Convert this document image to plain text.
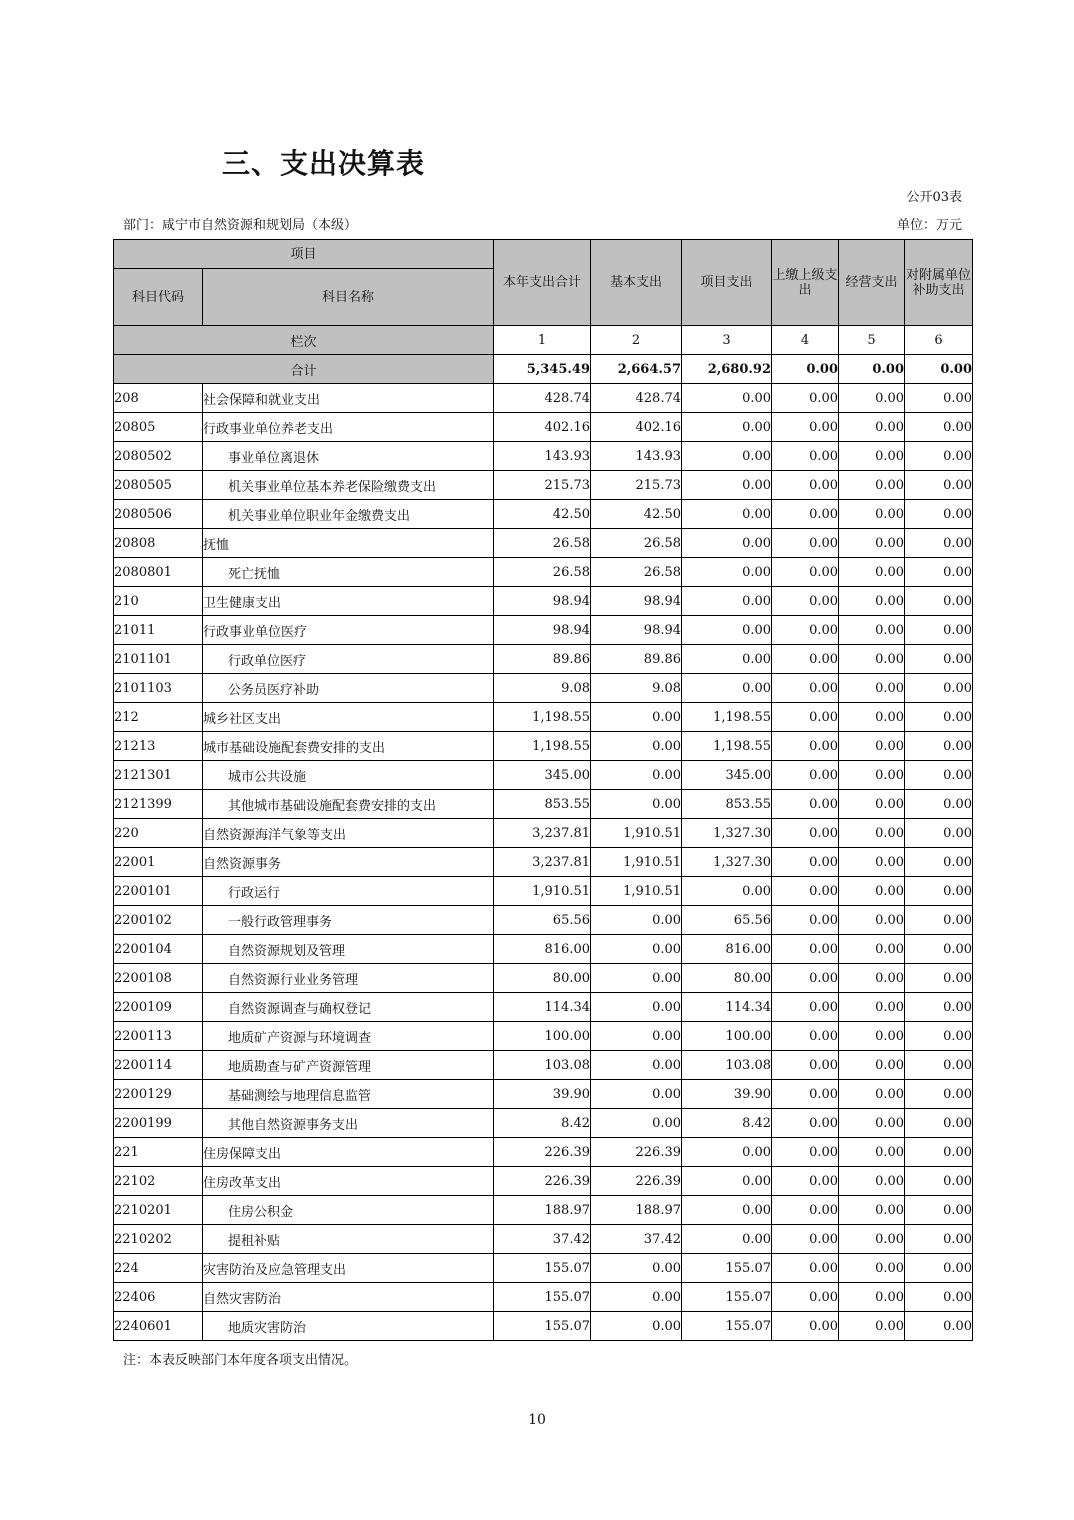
三、支出决算表
公开03表
部门：咸宁市自然资源和规划局（本级）	单位：万元
项目		本年支出合计	基本支出	项目支出	上缴上级支出	经营支出	对附属单位补助支出
科目代码	科目名称						
栏次		1	2	3	4	5	6
合计		5,345.49	2,664.57	2,680.92	0.00	0.00	0.00
208	社会保障和就业支出	428.74	428.74	0.00	0.00	0.00	0.00
20805	行政事业单位养老支出	402.16	402.16	0.00	0.00	0.00	0.00
2080502	事业单位离退休	143.93	143.93	0.00	0.00	0.00	0.00
2080505	机关事业单位基本养老保险缴费支出	215.73	215.73	0.00	0.00	0.00	0.00
2080506	机关事业单位职业年金缴费支出	42.50	42.50	0.00	0.00	0.00	0.00
20808	抚恤	26.58	26.58	0.00	0.00	0.00	0.00
2080801	死亡抚恤	26.58	26.58	0.00	0.00	0.00	0.00
210	卫生健康支出	98.94	98.94	0.00	0.00	0.00	0.00
21011	行政事业单位医疗	98.94	98.94	0.00	0.00	0.00	0.00
2101101	行政单位医疗	89.86	89.86	0.00	0.00	0.00	0.00
2101103	公务员医疗补助	9.08	9.08	0.00	0.00	0.00	0.00
212	城乡社区支出	1,198.55	0.00	1,198.55	0.00	0.00	0.00
21213	城市基础设施配套费安排的支出	1,198.55	0.00	1,198.55	0.00	0.00	0.00
2121301	城市公共设施	345.00	0.00	345.00	0.00	0.00	0.00
2121399	其他城市基础设施配套费安排的支出	853.55	0.00	853.55	0.00	0.00	0.00
220	自然资源海洋气象等支出	3,237.81	1,910.51	1,327.30	0.00	0.00	0.00
22001	自然资源事务	3,237.81	1,910.51	1,327.30	0.00	0.00	0.00
2200101	行政运行	1,910.51	1,910.51	0.00	0.00	0.00	0.00
2200102	一般行政管理事务	65.56	0.00	65.56	0.00	0.00	0.00
2200104	自然资源规划及管理	816.00	0.00	816.00	0.00	0.00	0.00
2200108	自然资源行业业务管理	80.00	0.00	80.00	0.00	0.00	0.00
2200109	自然资源调查与确权登记	114.34	0.00	114.34	0.00	0.00	0.00
2200113	地质矿产资源与环境调查	100.00	0.00	100.00	0.00	0.00	0.00
2200114	地质勘查与矿产资源管理	103.08	0.00	103.08	0.00	0.00	0.00
2200129	基础测绘与地理信息监管	39.90	0.00	39.90	0.00	0.00	0.00
2200199	其他自然资源事务支出	8.42	0.00	8.42	0.00	0.00	0.00
221	住房保障支出	226.39	226.39	0.00	0.00	0.00	0.00
22102	住房改革支出	226.39	226.39	0.00	0.00	0.00	0.00
2210201	住房公积金	188.97	188.97	0.00	0.00	0.00	0.00
2210202	提租补贴	37.42	37.42	0.00	0.00	0.00	0.00
224	灾害防治及应急管理支出	155.07	0.00	155.07	0.00	0.00	0.00
22406	自然灾害防治	155.07	0.00	155.07	0.00	0.00	0.00
2240601	地质灾害防治	155.07	0.00	155.07	0.00	0.00	0.00
注：本表反映部门本年度各项支出情况。
10
